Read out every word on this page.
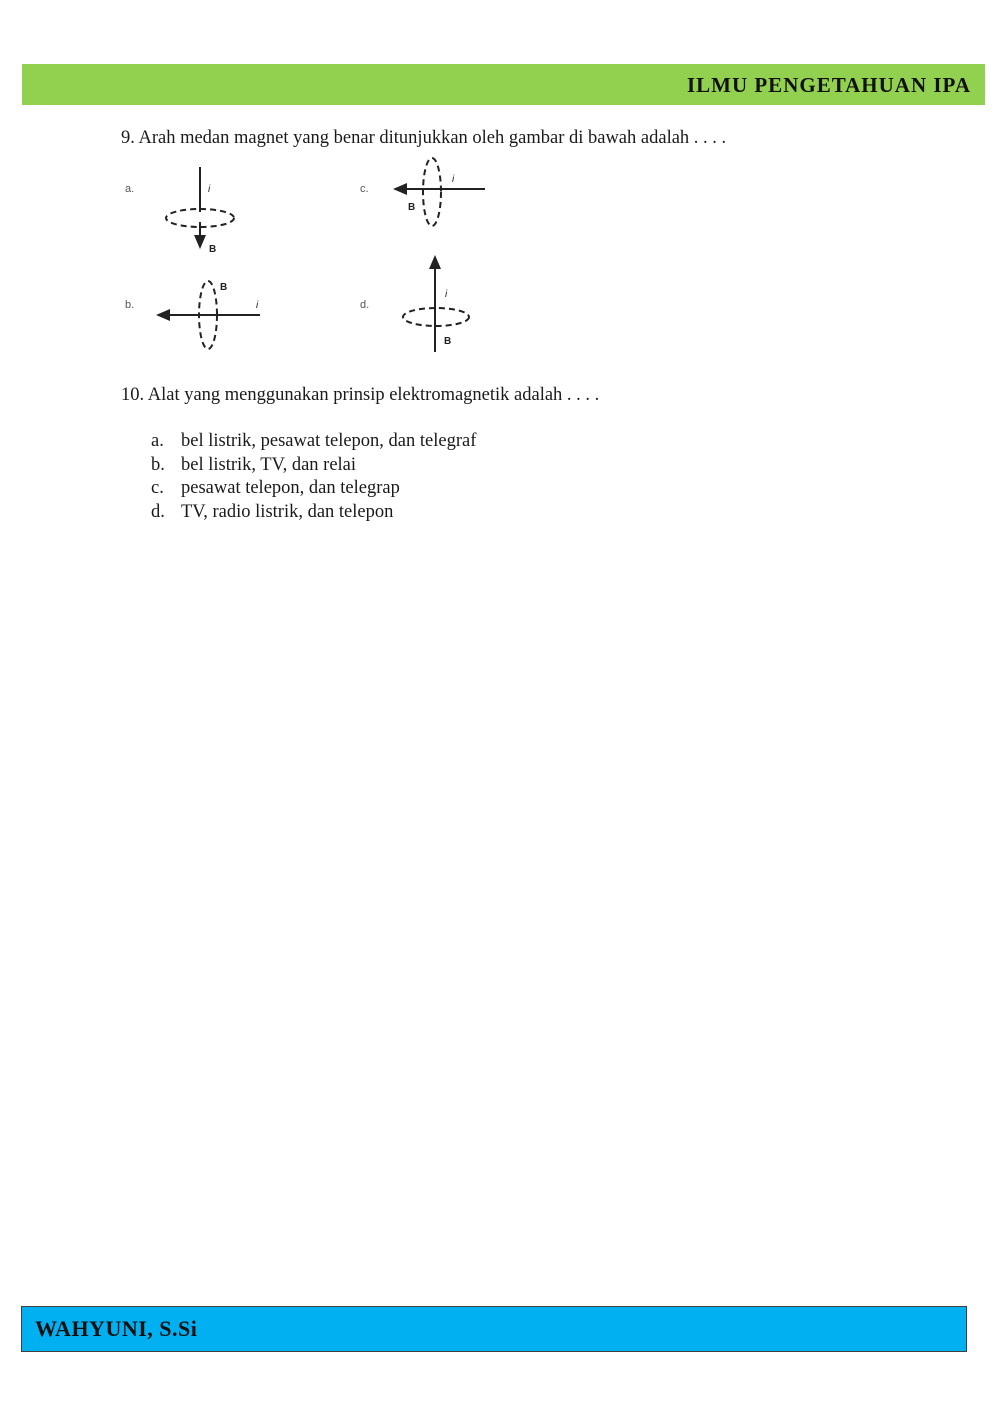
ILMU PENGETAHUAN IPA
9. Arah medan magnet yang benar ditunjukkan oleh gambar di bawah adalah . . . .
a.	i
B
c.
i
B
b.
B
i	d.
i
B
10. Alat yang menggunakan prinsip elektromagnetik adalah . . . .
a. bel listrik, pesawat telepon, dan telegraf
b. bel listrik, TV, dan relai
c. pesawat telepon, dan telegrap
d. TV, radio listrik, dan telepon
WAHYUNI, S.Si
